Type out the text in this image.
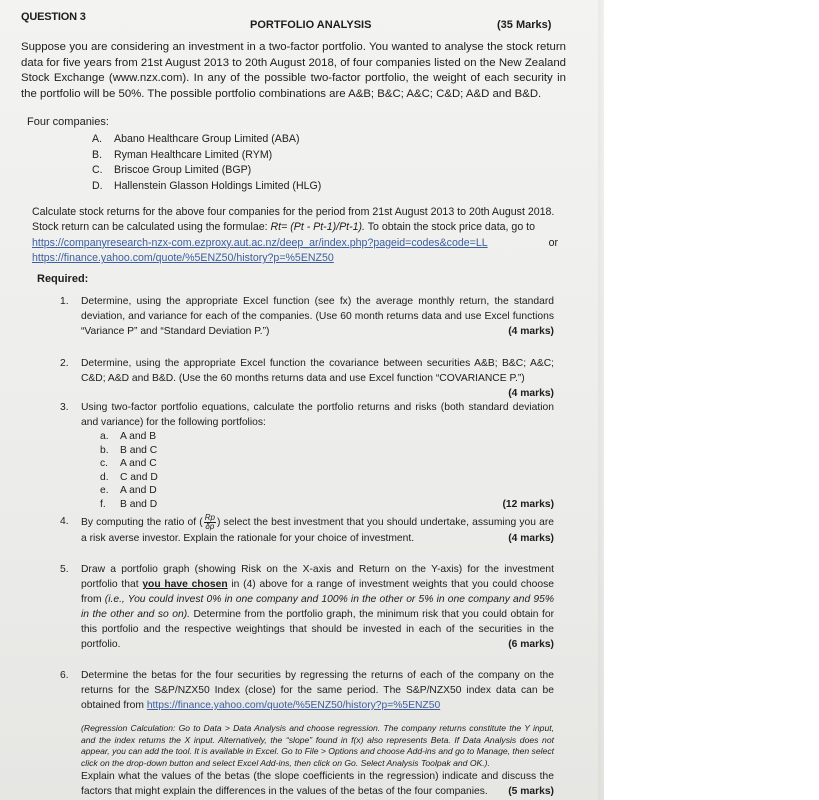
QUESTION 3
PORTFOLIO ANALYSIS	(35 Marks)
Suppose you are considering an investment in a two-factor portfolio. You wanted to analyse the stock return data for five years from 21st August 2013 to 20th August 2018, of four companies listed on the New Zealand Stock Exchange (www.nzx.com). In any of the possible two-factor portfolio, the weight of each security in the portfolio will be 50%. The possible portfolio combinations are A&B; B&C; A&C; C&D; A&D and B&D.
Four companies:
A. Abano Healthcare Group Limited (ABA)
B. Ryman Healthcare Limited (RYM)
C. Briscoe Group Limited (BGP)
D. Hallenstein Glasson Holdings Limited (HLG)
Calculate stock returns for the above four companies for the period from 21st August 2013 to 20th August 2018.
Stock return can be calculated using the formulae: Rt= (Pt - Pt-1)/Pt-1). To obtain the stock price data, go to
or
https://companyresearch-nzx-com.ezproxy.aut.ac.nz/deep_ar/index.php?pageid=codes&code=LL
https://finance.yahoo.com/quote/%5ENZ50/history?p=%5ENZ50
Required:
1. Determine, using the appropriate Excel function (see fx) the average monthly return, the standard deviation, and variance for each of the companies. (Use 60 month returns data and use Excel functions “Variance P” and “Standard Deviation P.”)	(4 marks)
2. Determine, using the appropriate Excel function the covariance between securities A&B; B&C; A&C; C&D; A&D and B&D. (Use the 60 months returns data and use Excel function “COVARIANCE P.”)
(4 marks)
3. Using two-factor portfolio equations, calculate the portfolio returns and risks (both standard deviation and variance) for the following portfolios:
a. A and B
b. B and C
c. A and C
d. C and D
e. A and D
f. B and D	(12 marks)
4. By computing the ratio of ( $\frac{Rp}{\delta p}$ ) select the best investment that you should undertake, assuming you are a risk averse investor. Explain the rationale for your choice of investment.	(4 marks)
5. Draw a portfolio graph (showing Risk on the X-axis and Return on the Y-axis) for the investment portfolio that you have chosen in (4) above for a range of investment weights that you could choose from (i.e., You could invest 0% in one company and 100% in the other or 5% in one company and 95% in the other and so on). Determine from the portfolio graph, the minimum risk that you could obtain for this portfolio and the respective weightings that should be invested in each of the securities in the portfolio.	(6 marks)
6. Determine the betas for the four securities by regressing the returns of each of the company on the returns for the S&P/NZX50 Index (close) for the same period. The S&P/NZX50 index data can be obtained from https://finance.yahoo.com/quote/%5ENZ50/history?p=%5ENZ50
(Regression Calculation: Go to Data > Data Analysis and choose regression. The company returns constitute the Y input, and the index returns the X input. Alternatively, the “slope” found in f(x) also represents Beta. If Data Analysis does not appear, you can add the tool. It is available in Excel. Go to File > Options and choose Add-ins and go to Manage, then select click on the drop-down button and select Excel Add-ins, then click on Go. Select Analysis Toolpak and OK.).
Explain what the values of the betas (the slope coefficients in the regression) indicate and discuss the factors that might explain the differences in the values of the betas of the four companies.	(5 marks)
